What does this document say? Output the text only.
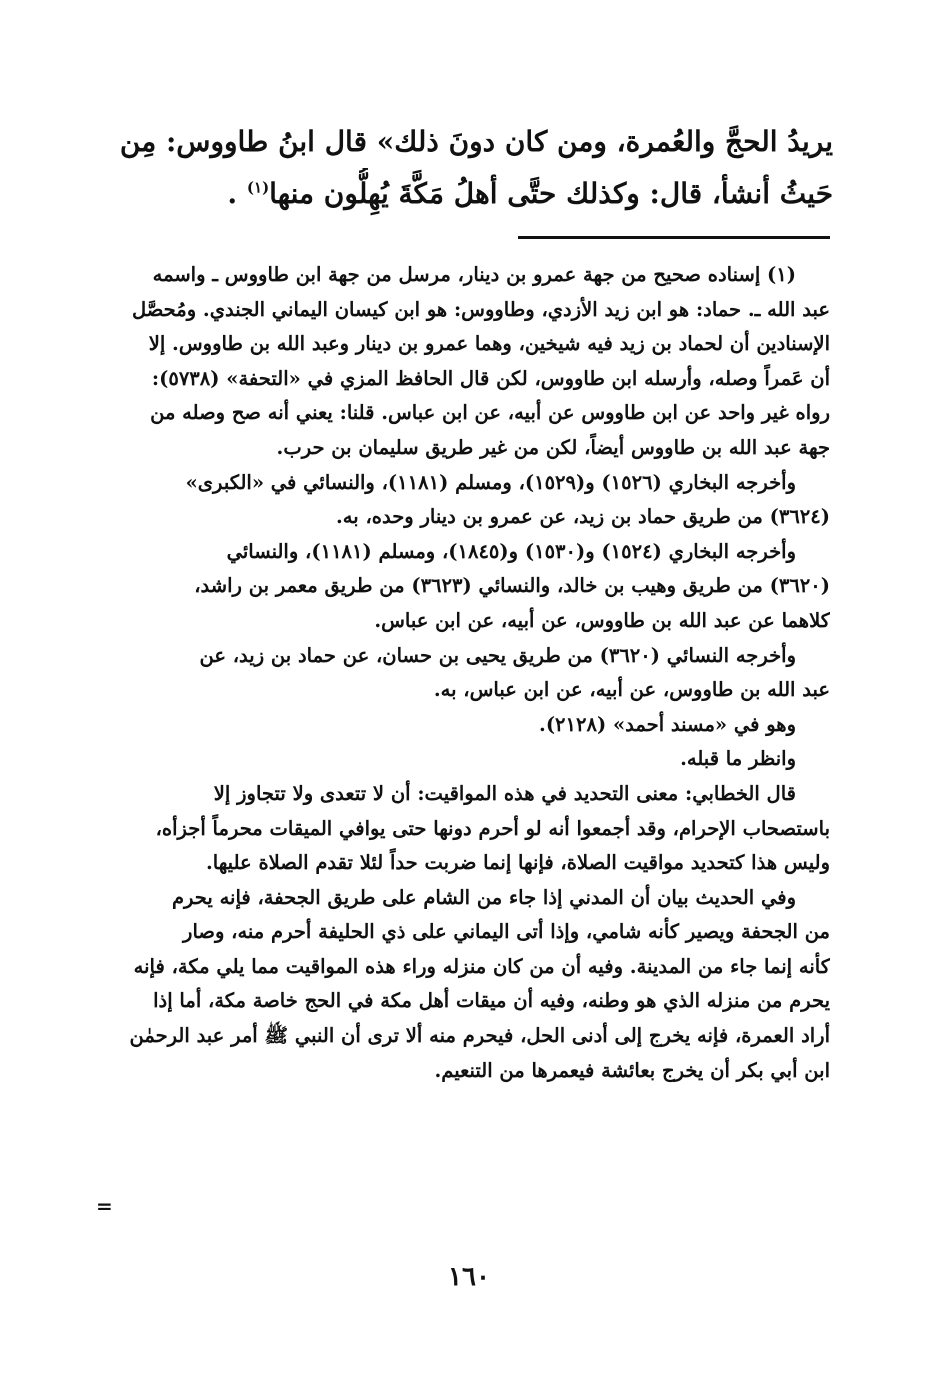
يريدُ الحجَّ والعُمرة، ومن كان دونَ ذلك» قال ابنُ طاووس: مِن
حَيثُ أنشأ، قال: وكذلك حتَّى أهلُ مَكَّةَ يُهِلُّون منها$^{(١)}$ .

(١) إسناده صحيح من جهة عمرو بن دينار، مرسل من جهة ابن طاووس ـ واسمه
عبد الله ـ. حماد: هو ابن زيد الأزدي، وطاووس: هو ابن كيسان اليماني الجندي. ومُحصَّل
الإسنادين أن لحماد بن زيد فيه شيخين، وهما عمرو بن دينار وعبد الله بن طاووس. إلا
أن عَمراً وصله، وأرسله ابن طاووس، لكن قال الحافظ المزي في «التحفة» (٥٧٣٨):
رواه غير واحد عن ابن طاووس عن أبيه، عن ابن عباس. قلنا: يعني أنه صح وصله من
جهة عبد الله بن طاووس أيضاً، لكن من غير طريق سليمان بن حرب.
وأخرجه البخاري (١٥٢٦) و(١٥٢٩)، ومسلم (١١٨١)، والنسائي في «الكبرى»
(٣٦٢٤) من طريق حماد بن زيد، عن عمرو بن دينار وحده، به.
وأخرجه البخاري (١٥٢٤) و(١٥٣٠) و(١٨٤٥)، ومسلم (١١٨١)، والنسائي
(٣٦٢٠) من طريق وهيب بن خالد، والنسائي (٣٦٢٣) من طريق معمر بن راشد،
كلاهما عن عبد الله بن طاووس، عن أبيه، عن ابن عباس.
وأخرجه النسائي (٣٦٢٠) من طريق يحيى بن حسان، عن حماد بن زيد، عن
عبد الله بن طاووس، عن أبيه، عن ابن عباس، به.
وهو في «مسند أحمد» (٢١٢٨).
وانظر ما قبله.
قال الخطابي: معنى التحديد في هذه المواقيت: أن لا تتعدى ولا تتجاوز إلا
باستصحاب الإحرام، وقد أجمعوا أنه لو أحرم دونها حتى يوافي الميقات محرماً أجزأه،
وليس هذا كتحديد مواقيت الصلاة، فإنها إنما ضربت حداً لئلا تقدم الصلاة عليها.
وفي الحديث بيان أن المدني إذا جاء من الشام على طريق الجحفة، فإنه يحرم
من الجحفة ويصير كأنه شامي، وإذا أتى اليماني على ذي الحليفة أحرم منه، وصار
كأنه إنما جاء من المدينة. وفيه أن من كان منزله وراء هذه المواقيت مما يلي مكة، فإنه
يحرم من منزله الذي هو وطنه، وفيه أن ميقات أهل مكة في الحج خاصة مكة، أما إذا
أراد العمرة، فإنه يخرج إلى أدنى الحل، فيحرم منه ألا ترى أن النبي ﷺ أمر عبد الرحمٰن
ابن أبي بكر أن يخرج بعائشة فيعمرها من التنعيم.
=
١٦٠
